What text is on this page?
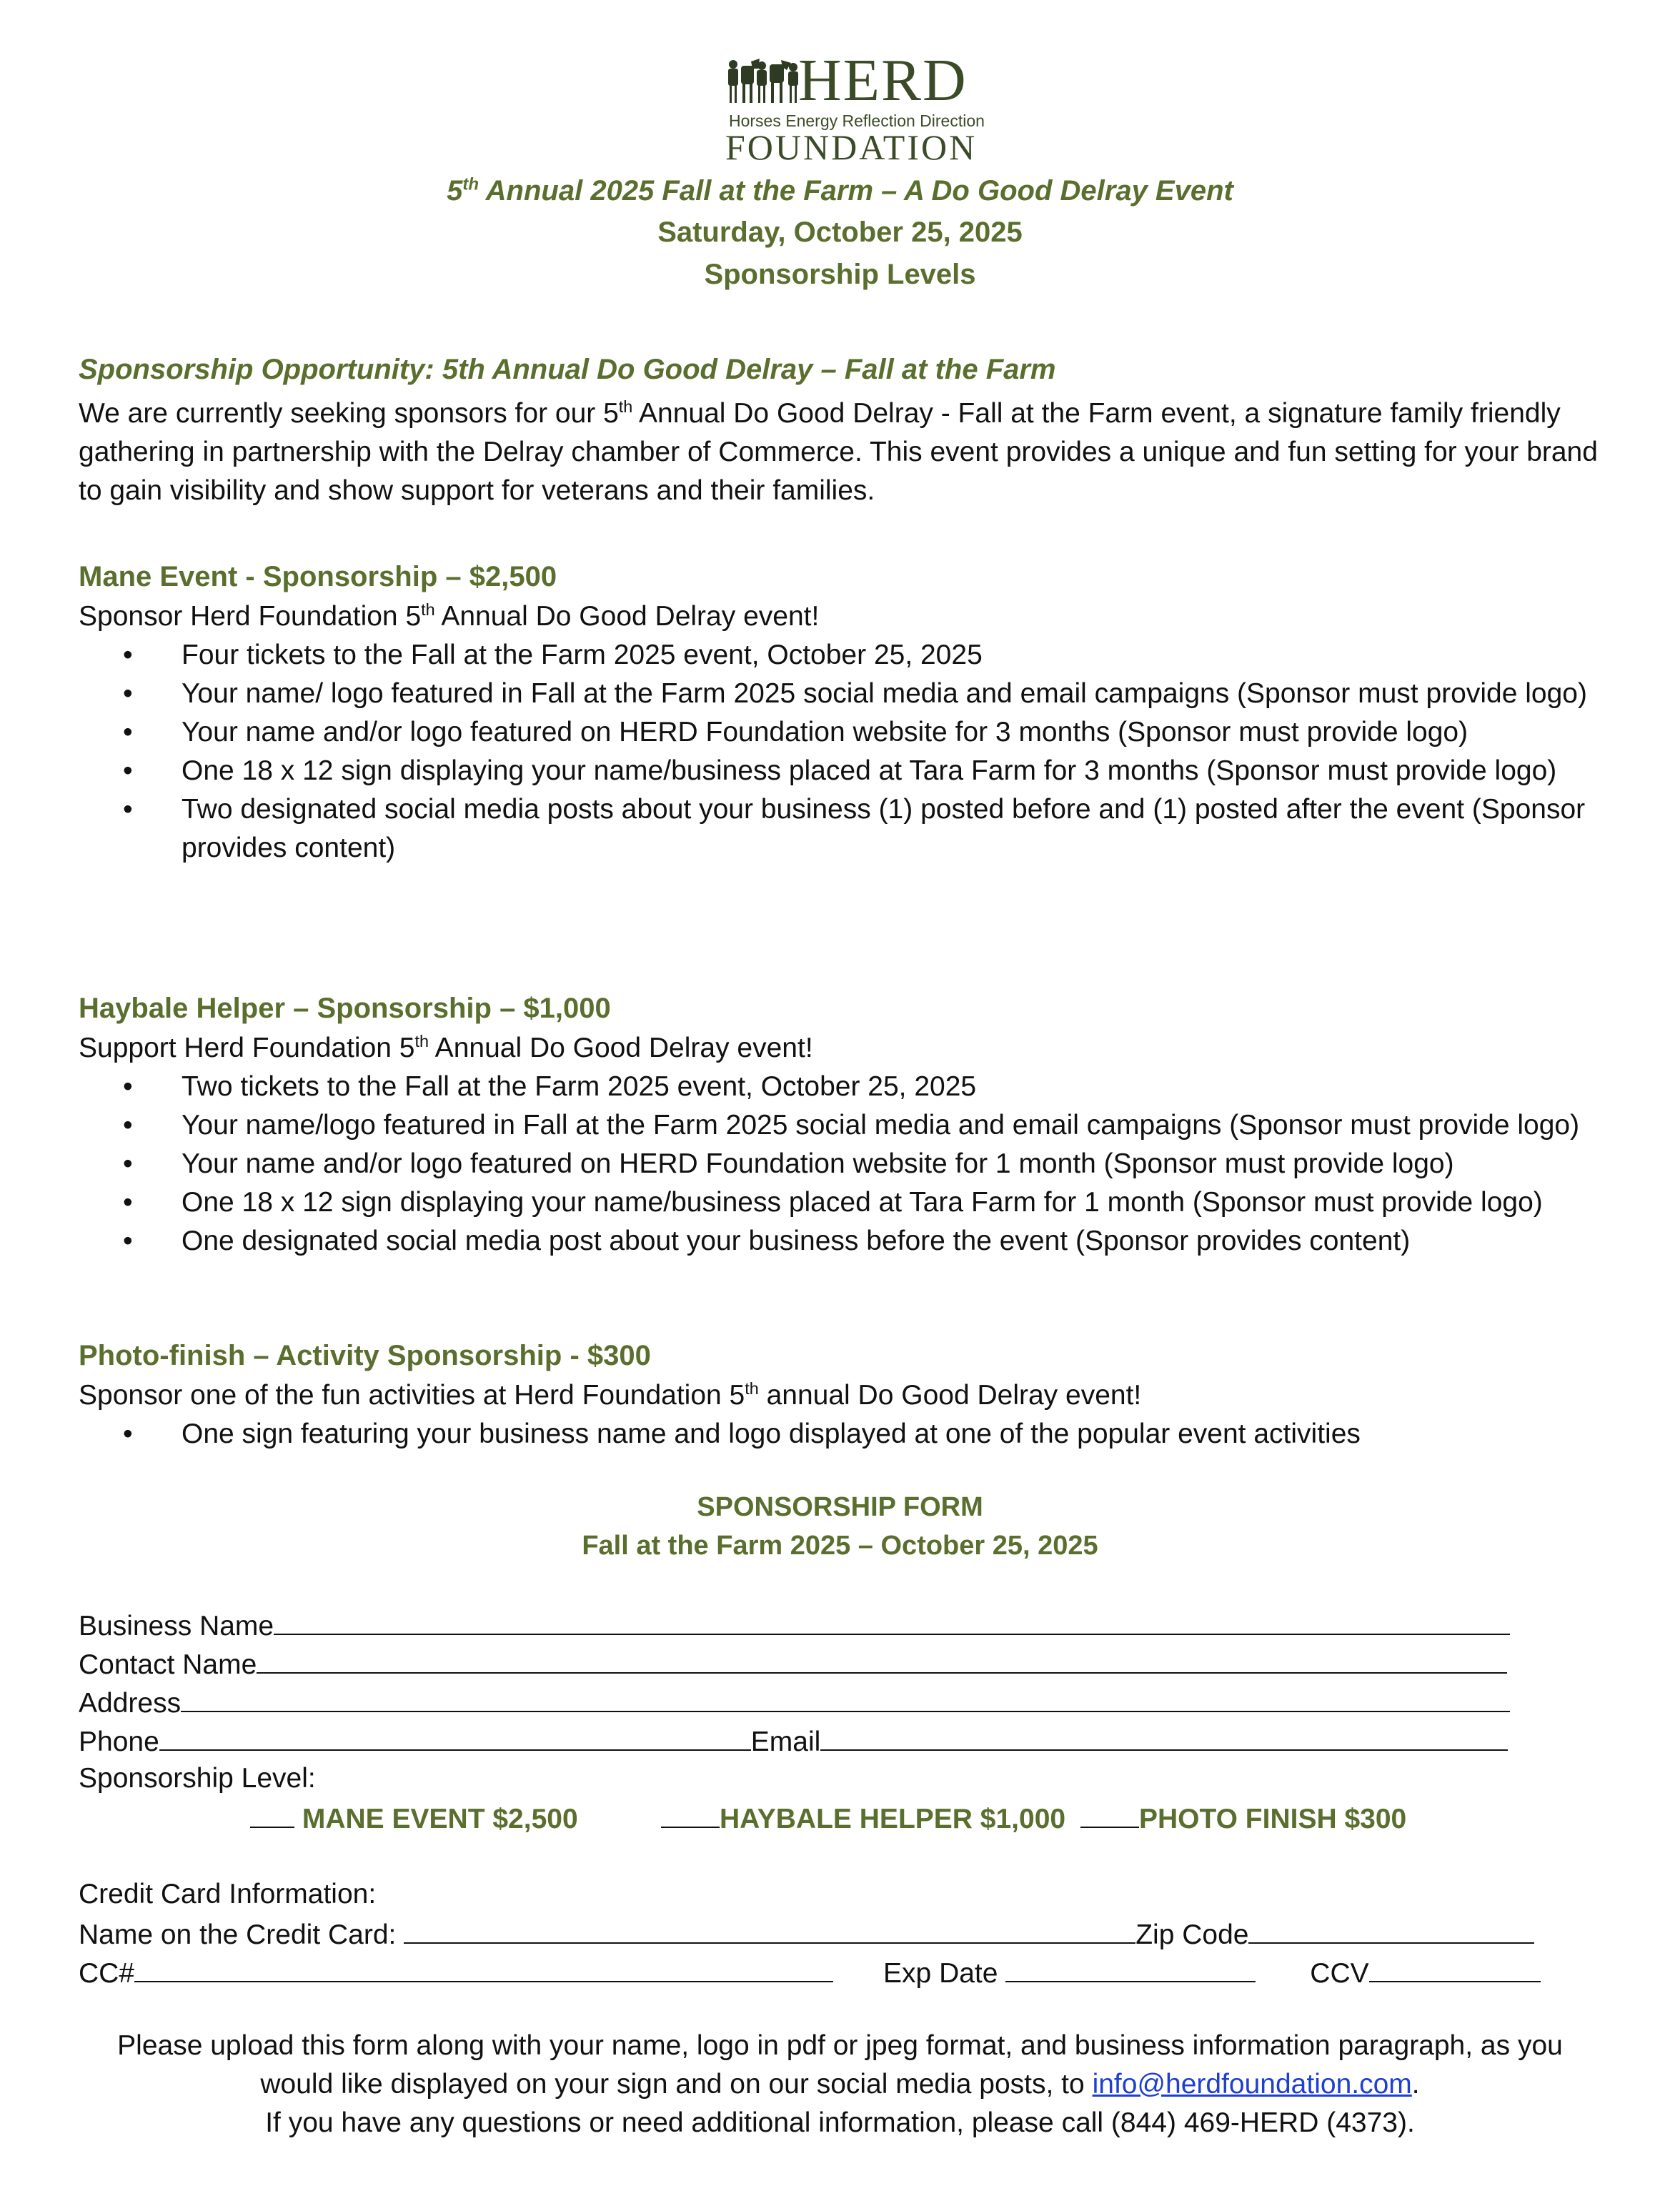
HERD
Horses Energy Reflection Direction
FOUNDATION
5th Annual 2025 Fall at the Farm – A Do Good Delray Event
Saturday, October 25, 2025
Sponsorship Levels
Sponsorship Opportunity: 5th Annual Do Good Delray – Fall at the Farm
We are currently seeking sponsors for our 5th Annual Do Good Delray - Fall at the Farm event, a signature family friendly gathering in partnership with the Delray chamber of Commerce. This event provides a unique and fun setting for your brand to gain visibility and show support for veterans and their families.
Mane Event - Sponsorship – $2,500
Sponsor Herd Foundation 5th Annual Do Good Delray event!
• Four tickets to the Fall at the Farm 2025 event, October 25, 2025
• Your name/ logo featured in Fall at the Farm 2025 social media and email campaigns (Sponsor must provide logo)
• Your name and/or logo featured on HERD Foundation website for 3 months (Sponsor must provide logo)
• One 18 x 12 sign displaying your name/business placed at Tara Farm for 3 months (Sponsor must provide logo)
• Two designated social media posts about your business (1) posted before and (1) posted after the event (Sponsor provides content)
Haybale Helper – Sponsorship – $1,000
Support Herd Foundation 5th Annual Do Good Delray event!
• Two tickets to the Fall at the Farm 2025 event, October 25, 2025
• Your name/logo featured in Fall at the Farm 2025 social media and email campaigns (Sponsor must provide logo)
• Your name and/or logo featured on HERD Foundation website for 1 month (Sponsor must provide logo)
• One 18 x 12 sign displaying your name/business placed at Tara Farm for 1 month (Sponsor must provide logo)
• One designated social media post about your business before the event (Sponsor provides content)
Photo-finish – Activity Sponsorship - $300
Sponsor one of the fun activities at Herd Foundation 5th annual Do Good Delray event!
• One sign featuring your business name and logo displayed at one of the popular event activities
SPONSORSHIP FORM
Fall at the Farm 2025 – October 25, 2025
Business Name
Contact Name
Address
Phone	Email
Sponsorship Level:
MANE EVENT $2,500	HAYBALE HELPER $1,000	PHOTO FINISH $300
Credit Card Information:
Name on the Credit Card:	Zip Code
CC#	Exp Date	CCV
Please upload this form along with your name, logo in pdf or jpeg format, and business information paragraph, as you
would like displayed on your sign and on our social media posts, to info@herdfoundation.com.
If you have any questions or need additional information, please call (844) 469-HERD (4373).
